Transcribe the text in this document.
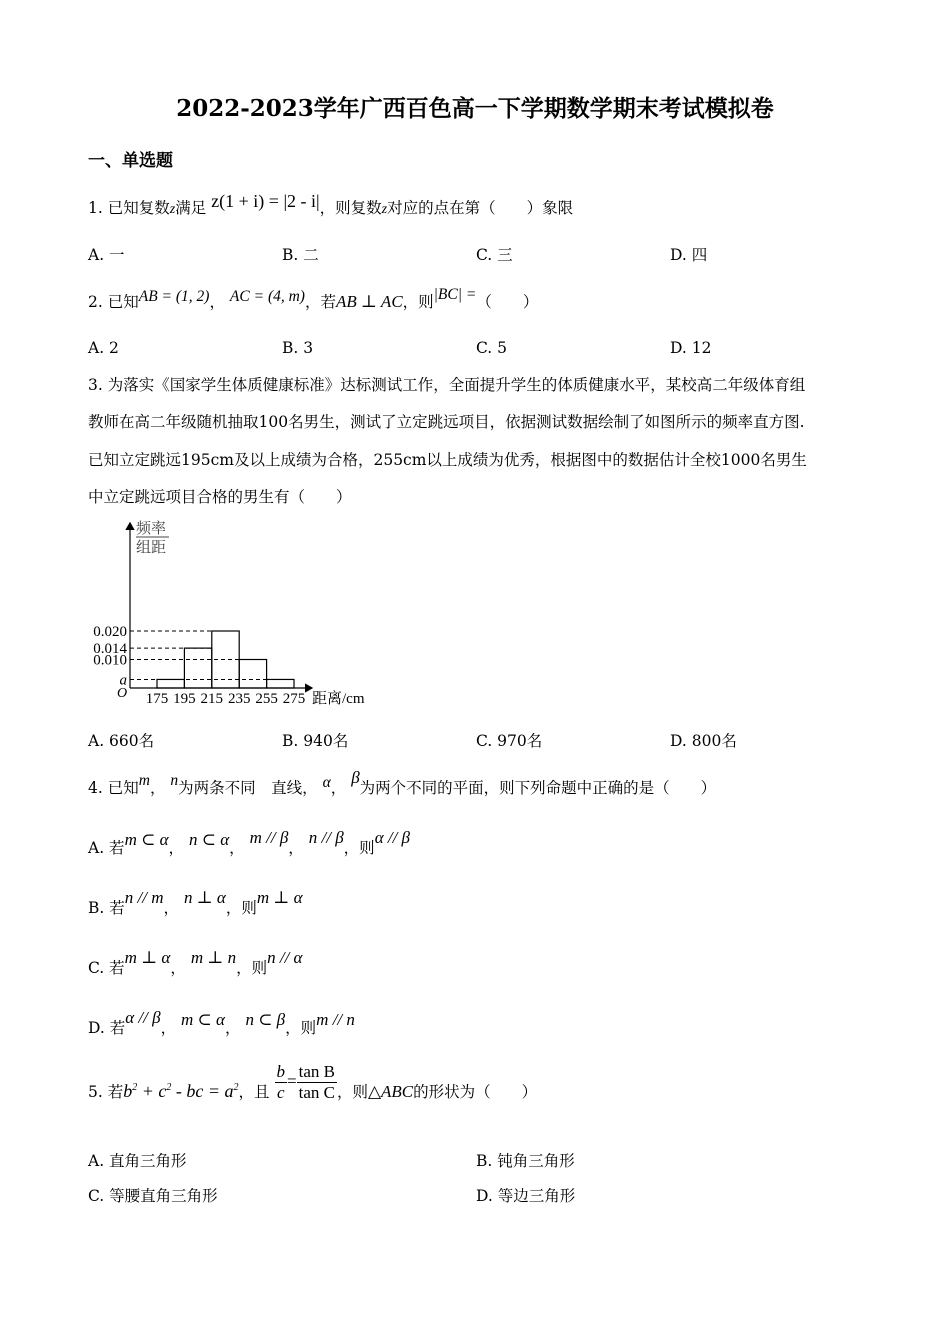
2022-2023学年广西百色高一下学期数学期末考试模拟卷
一、单选题
1. 已知复数z满足 z(1 + i) = |2 - i|，则复数z对应的点在第（　　）象限
A. 一	B. 二	C. 三	D. 四
2. 已知AB = (1, 2)， AC = (4, m)，若AB ⊥ AC，则|BC| =（　　）
A. 2	B. 3	C. 5	D. 12
3. 为落实《国家学生体质健康标准》达标测试工作，全面提升学生的体质健康水平，某校高二年级体育组
教师在高二年级随机抽取100名男生，测试了立定跳远项目，依据测试数据绘制了如图所示的频率直方图.
已知立定跳远195cm及以上成绩为合格，255cm以上成绩为优秀，根据图中的数据估计全校1000名男生
中立定跳远项目合格的男生有（　　）
频率
组距
O	距离/cm
a
0.010
0.014
0.020
175 195 215 235 255 275
A. 660名	B. 940名	C. 970名	D. 800名
4. 已知m， n为两条不同　直线， α， β为两个不同的平面，则下列命题中正确的是（　　）
A. 若m ⊂ α， n ⊂ α， m // β， n // β，则α // β
B. 若n // m， n ⊥ α，则m ⊥ α
C. 若m ⊥ α， m ⊥ n，则n // α
D. 若α // β， m ⊂ α， n ⊂ β，则m // n
5. 若$b^2 + c^2$ - bc = $a^2$，且 $\frac{b}{c} = \frac{\text{tan B}}{\text{tan C}}$ ，则△ABC的形状为（　　）
A. 直角三角形	B. 钝角三角形
C. 等腰直角三角形	D. 等边三角形
